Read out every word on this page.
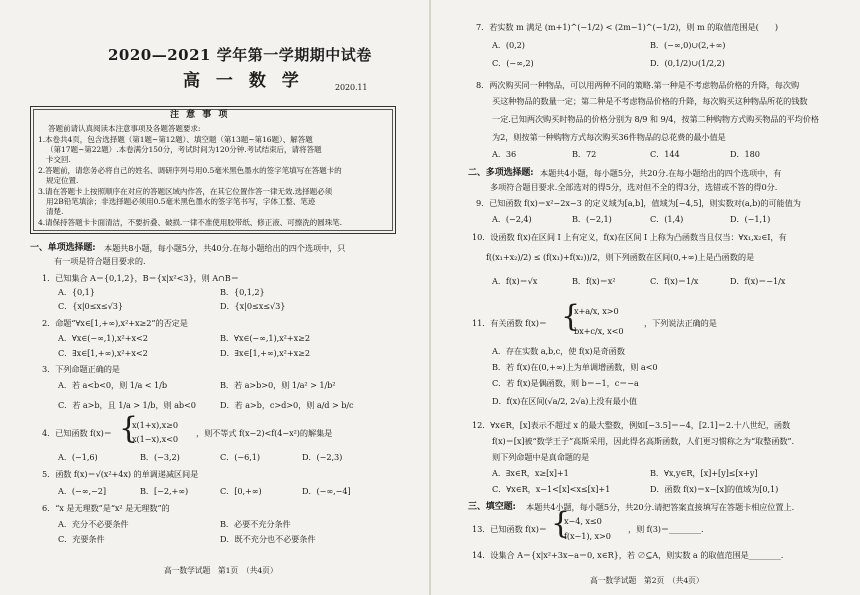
2020—2021 学年第一学期期中试卷
高 一 数 学	2020.11
注 意 事 项
答题前请认真阅读本注意事项及各题答题要求:
1.本卷共4页，包含选择题（第1题~第12题）、填空题（第13题~第16题）、解答题
（第17题~第22题）.本卷满分150分，考试时间为120分钟.考试结束后，请将答题
卡交回.
2.答题前，请您务必将自己的姓名、调研序列号用0.5毫米黑色墨水的签字笔填写在答题卡的
规定位置.
3.请在答题卡上按照顺序在对应的答题区域内作答，在其它位置作答一律无效.选择题必须
用2B铅笔填涂；非选择题必须用0.5毫米黑色墨水的签字笔书写，字体工整、笔迹
清楚.
4.请保持答题卡卡面清洁，不要折叠、破损.一律不准使用胶带纸、修正液、可擦洗的圆珠笔.
一、单项选择题: 本题共8小题，每小题5分，共40分.在每小题给出的四个选项中，只
有一项是符合题目要求的.
1．已知集合 A＝{0,1,2}，B＝{x|x²<3}，则 A∩B＝
A．{0,1}	B．{0,1,2}
C．{x|0≤x≤√3}	D．{x|0≤x≤√3}
2．命题“∀x∈[1,+∞),x²+x≥2”的否定是
A．∀x∈(−∞,1),x²+x<2	B．∀x∈(−∞,1),x²+x≥2
C．∃x∈[1,+∞),x²+x<2	D．∃x∈[1,+∞),x²+x≥2
3．下列命题正确的是
A．若 a<b<0，则 1/a < 1/b	B．若 a>b>0，则 1/a² > 1/b²
C．若 a>b，且 1/a > 1/b，则 ab<0	D．若 a>b，c>d>0，则 a/d > b/c
4．已知函数 f(x)＝ {
x(1+x),x≥0
x(1−x),x<0
，则不等式 f(x−2)<f(4−x²)的解集是
A．(−1,6)	B．(−3,2)	C．(−6,1)	D．(−2,3)
5．函数 f(x)＝√(x²+4x) 的单调递减区间是
A．(−∞,−2]	B．[−2,+∞)	C．[0,+∞)	D．(−∞,−4]
6．“x 是无理数”是“x² 是无理数”的
A．充分不必要条件	B．必要不充分条件
C．充要条件	D．既不充分也不必要条件
高一数学试题　第1页　（共4页）
7．若实数 m 满足 (m+1)^(−1/2) < (2m−1)^(−1/2)，则 m 的取值范围是(　　)
A．(0,2)	B．(−∞,0)∪(2,+∞)
C．(−∞,2)	D．(0,1/2)∪(1/2,2)
8．两次购买同一种物品，可以用两种不同的策略.第一种是不考虑物品价格的升降，每次购
买这种物品的数量一定；第二种是不考虑物品价格的升降，每次购买这种物品所花的钱数
一定.已知两次购买时物品的价格分别为 8/9 和 9/4，按第二种购物方式购买物品的平均价格
为2，则按第一种购物方式每次购买36件物品的总花费的最小值是
A．36	B．72	C．144	D．180
二、多项选择题: 本题共4小题，每小题5分，共20分.在每小题给出的四个选项中，有
多项符合题目要求.全部选对的得5分，选对但不全的得3分，选错或不答的得0分.
9．已知函数 f(x)＝x²−2x−3 的定义域为[a,b]，值域为[−4,5]，则实数对(a,b)的可能值为
A．(−2,4)	B．(−2,1)	C．(1,4)	D．(−1,1)
10．设函数 f(x)在区间 I 上有定义，f(x)在区间 I 上称为凸函数当且仅当：∀x₁,x₂∈I，有
f((x₁+x₂)/2) ≤ (f(x₁)+f(x₂))/2，则下列函数在区间(0,+∞)上是凸函数的是
A．f(x)＝√x	B．f(x)＝x²	C．f(x)＝1/x	D．f(x)＝−1/x
11．有关函数 f(x)＝ {
x+a/x, x>0
bx+c/x, x<0
，下列说法正确的是
A．存在实数 a,b,c，使 f(x)是奇函数
B．若 f(x)在(0,+∞)上为单调增函数，则 a<0
C．若 f(x)是偶函数，则 b＝−1，c＝−a
D．f(x)在区间(√a/2, 2√a)上没有最小值
12．∀x∈R，[x]表示不超过 x 的最大整数，例如[−3.5]＝−4，[2.1]＝2.十八世纪，函数
f(x)＝[x]被“数学王子”高斯采用，因此得名高斯函数，人们更习惯称之为“取整函数”.
则下列命题中是真命题的是
A．∃x∈R，x≥[x]+1	B．∀x,y∈R，[x]+[y]≤[x+y]
C．∀x∈R，x−1<[x]<x≤[x]+1	D．函数 f(x)＝x−[x]的值域为[0,1)
三、填空题: 本题共4小题，每小题5分，共20分.请把答案直接填写在答题卡相应位置上.
13．已知函数 f(x)＝ {
x−4, x≤0
f(x−1), x>0
，则 f(3)＝________.
14．设集合 A＝{x|x²+3x−a＝0, x∈R}，若 ∅⊆A，则实数 a 的取值范围是________.
高一数学试题　第2页　（共4页）
